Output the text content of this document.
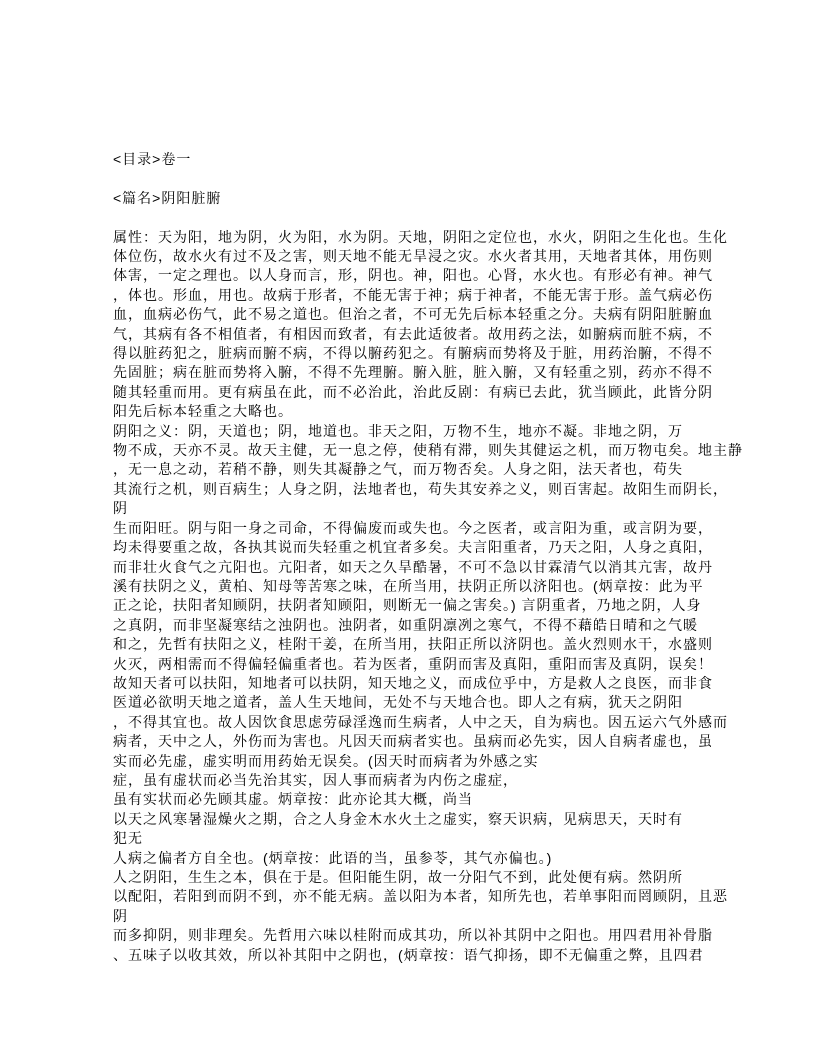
<目录>卷一
<篇名>阴阳脏腑
属性：天为阳，地为阴，火为阳，水为阴。天地，阴阳之定位也，水火，阴阳之生化也。生化
体位伤，故水火有过不及之害，则天地不能无旱浸之灾。水火者其用，天地者其体，用伤则
体害，一定之理也。以人身而言，形，阴也。神，阳也。心肾，水火也。有形必有神。神气
，体也。形血，用也。故病于形者，不能无害于神；病于神者，不能无害于形。盖气病必伤
血，血病必伤气，此不易之道也。但治之者，不可无先后标本轻重之分。夫病有阴阳脏腑血
气，其病有各不相值者，有相因而致者，有去此适彼者。故用药之法，如腑病而脏不病，不
得以脏药犯之，脏病而腑不病，不得以腑药犯之。有腑病而势将及于脏，用药治腑，不得不
先固脏；病在脏而势将入腑，不得不先理腑。腑入脏，脏入腑，又有轻重之别，药亦不得不
随其轻重而用。更有病虽在此，而不必治此，治此反剧：有病已去此，犹当顾此，此皆分阴
阳先后标本轻重之大略也。
阴阳之义：阴，天道也；阴，地道也。非天之阳，万物不生，地亦不凝。非地之阴，万
物不成，天亦不灵。故天主健，无一息之停，使稍有滞，则失其健运之机，而万物屯矣。地主静
，无一息之动，若稍不静，则失其凝静之气，而万物否矣。人身之阳，法天者也，苟失
其流行之机，则百病生；人身之阴，法地者也，苟失其安养之义，则百害起。故阳生而阴长，
阴
生而阳旺。阴与阳一身之司命，不得偏废而或失也。今之医者，或言阳为重，或言阴为要，
均未得要重之故，各执其说而失轻重之机宜者多矣。夫言阳重者，乃天之阳，人身之真阳，
而非壮火食气之亢阳也。亢阳者，如天之久旱酷暑，不可不急以甘霖清气以消其亢害，故丹
溪有扶阴之义，黄柏、知母等苦寒之味，在所当用，扶阴正所以济阳也。(炳章按：此为平
正之论，扶阳者知顾阴，扶阴者知顾阳，则断无一偏之害矣。) 言阴重者，乃地之阴，人身
之真阴，而非坚凝寒结之浊阴也。浊阴者，如重阴凛冽之寒气，不得不藉皓日晴和之气暖
和之，先哲有扶阳之义，桂附干姜，在所当用，扶阳正所以济阴也。盖火烈则水干，水盛则
火灭，两相需而不得偏轻偏重者也。若为医者，重阴而害及真阳，重阳而害及真阴，误矣！
故知天者可以扶阳，知地者可以扶阴，知天地之义，而成位乎中，方是救人之良医，而非食
医道必欲明天地之道者，盖人生天地间，无处不与天地合也。即人之有病，犹天之阴阳
，不得其宜也。故人因饮食思虑劳碌淫逸而生病者，人中之天，自为病也。因五运六气外感而
病者，天中之人，外伤而为害也。凡因天而病者实也。虽病而必先实，因人自病者虚也，虽
实而必先虚，虚实明而用药始无误矣。(因天时而病者为外感之实
症，虽有虚状而必当先治其实，因人事而病者为内伤之虚症，
虽有实状而必先顾其虚。炳章按：此亦论其大概，尚当
以天之风寒暑湿燥火之期，合之人身金木水火土之虚实，察天识病，见病思天，天时有
犯无
人病之偏者方自全也。(炳章按：此语的当，虽参苓，其气亦偏也。)
人之阴阳，生生之本，俱在于是。但阳能生阴，故一分阳气不到，此处便有病。然阴所
以配阳，若阳到而阴不到，亦不能无病。盖以阳为本者，知所先也，若单事阳而罔顾阴，且恶
阴
而多抑阴，则非理矣。先哲用六味以桂附而成其功，所以补其阴中之阳也。用四君用补骨脂
、五味子以收其效，所以补其阳中之阴也，(炳章按：语气抑扬，即不无偏重之弊，且四君
